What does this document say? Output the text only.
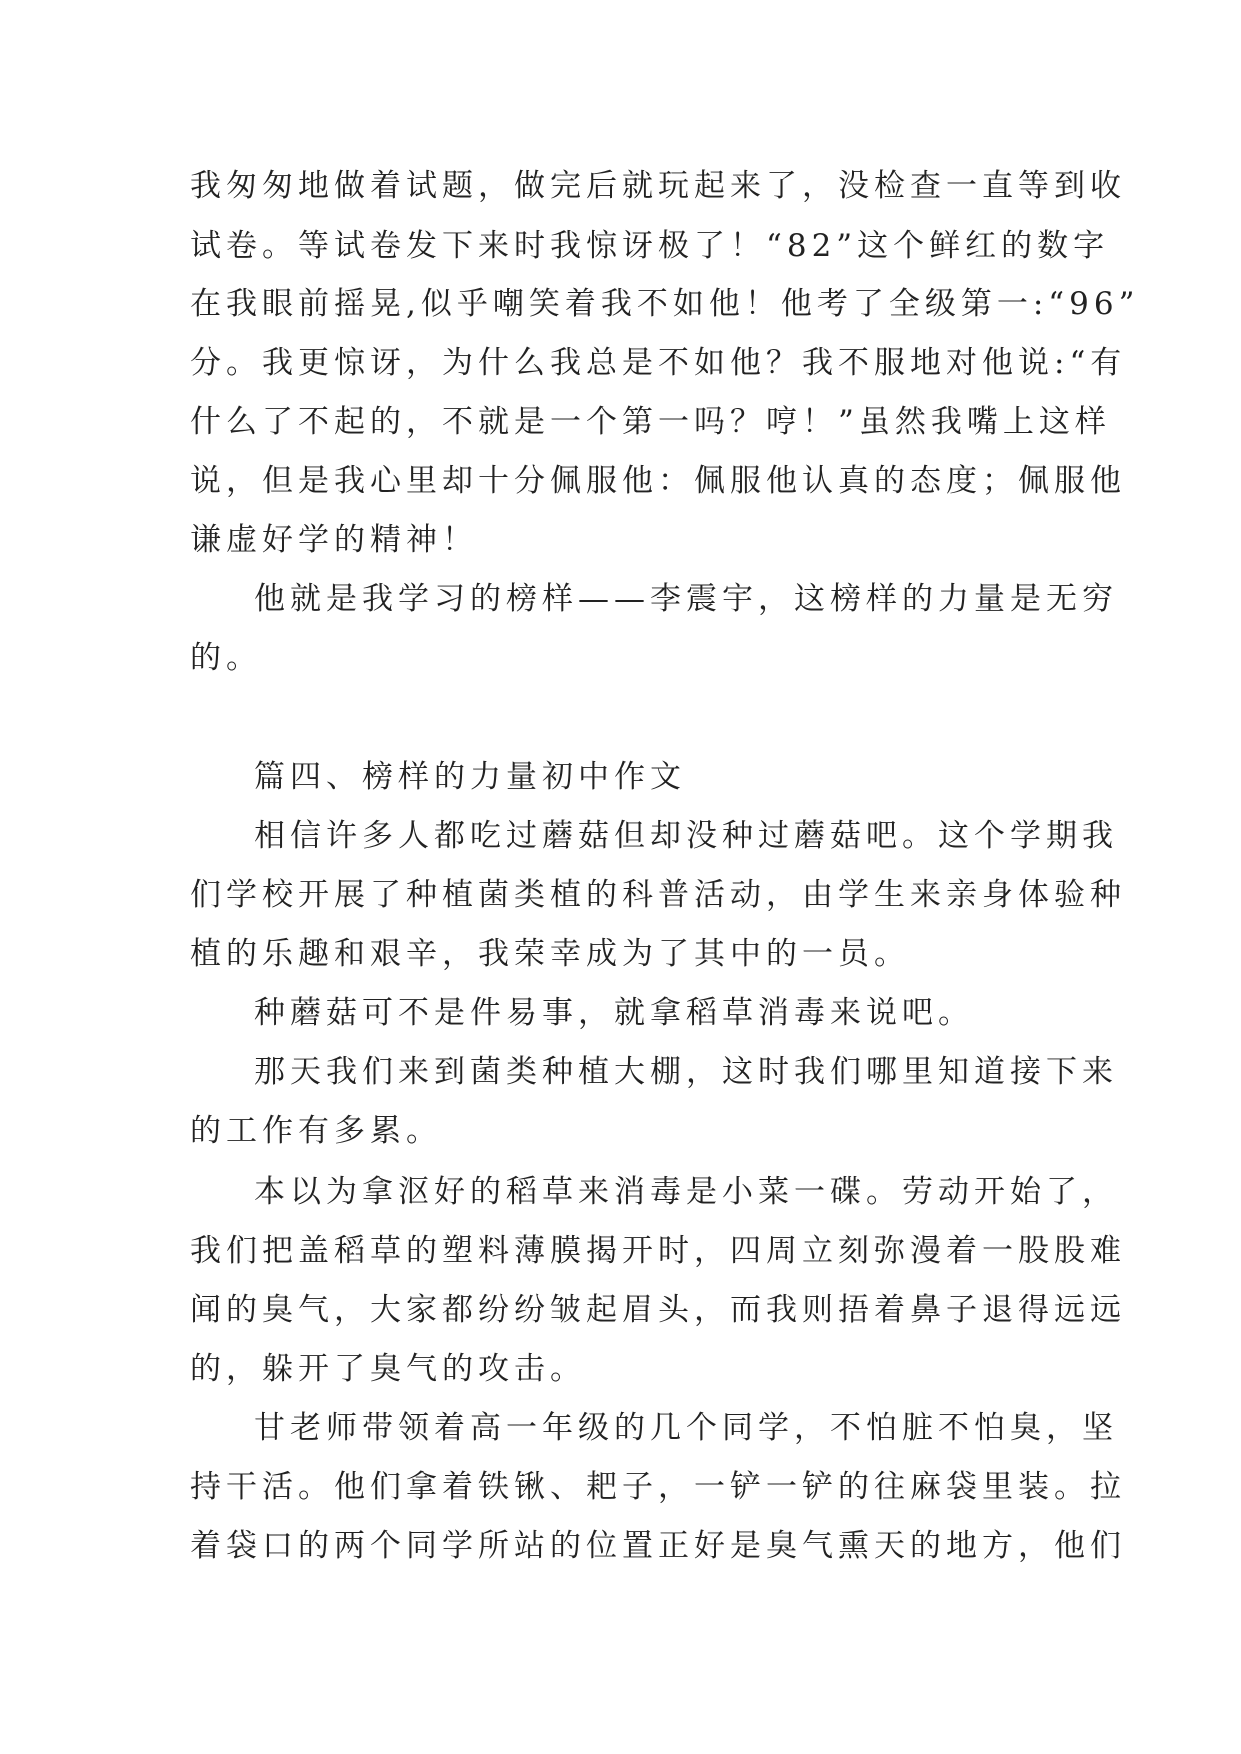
我匆匆地做着试题，做完后就玩起来了，没检查一直等到收
试卷。等试卷发下来时我惊讶极了！“82”这个鲜红的数字
在我眼前摇晃,似乎嘲笑着我不如他！他考了全级第一:“96”
分。我更惊讶，为什么我总是不如他？我不服地对他说:“有
什么了不起的，不就是一个第一吗？哼！”虽然我嘴上这样
说，但是我心里却十分佩服他：佩服他认真的态度；佩服他
谦虚好学的精神！
他就是我学习的榜样——李震宇，这榜样的力量是无穷
的。
篇四、榜样的力量初中作文
相信许多人都吃过蘑菇但却没种过蘑菇吧。这个学期我
们学校开展了种植菌类植的科普活动，由学生来亲身体验种
植的乐趣和艰辛，我荣幸成为了其中的一员。
种蘑菇可不是件易事，就拿稻草消毒来说吧。
那天我们来到菌类种植大棚，这时我们哪里知道接下来
的工作有多累。
本以为拿沤好的稻草来消毒是小菜一碟。劳动开始了，
我们把盖稻草的塑料薄膜揭开时，四周立刻弥漫着一股股难
闻的臭气，大家都纷纷皱起眉头，而我则捂着鼻子退得远远
的，躲开了臭气的攻击。
甘老师带领着高一年级的几个同学，不怕脏不怕臭，坚
持干活。他们拿着铁锹、耙子，一铲一铲的往麻袋里装。拉
着袋口的两个同学所站的位置正好是臭气熏天的地方，他们
